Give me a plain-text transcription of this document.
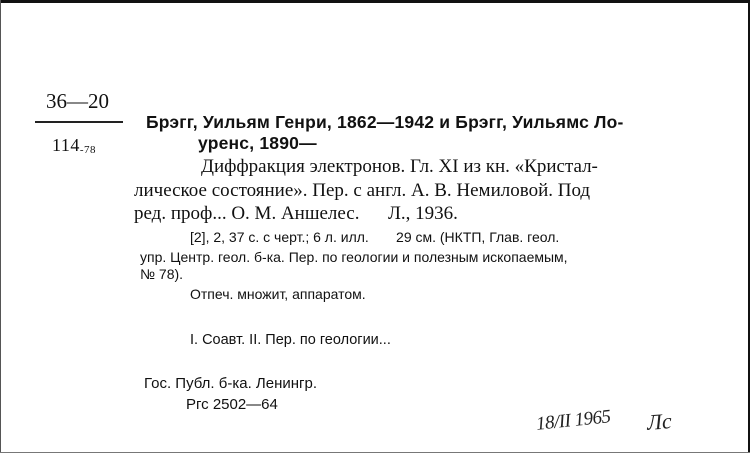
36—20
$114_{-78}$
Брэгг, Уильям Генри, 1862—1942 и Брэгг, Уильямс Ло-
уренс, 1890—
Диффракция электронов. Гл. XI из кн. «Кристал-
лическое состояние». Пер. с англ. А. В. Немиловой. Под
ред. проф... О. М. Аншелес.      Л., 1936.
[2], 2, 37 с. с черт.; 6 л. илл.       29 см. (НКТП, Глав. геол.
упр. Центр. геол. б-ка. Пер. по геологии и полезным ископаемым,
№ 78).
Отпеч. множит, аппаратом.
I. Соавт. II. Пер. по геологии...
Гос. Публ. б-ка. Ленингр.
Ргс 2502—64
18/II 1965 Лс
